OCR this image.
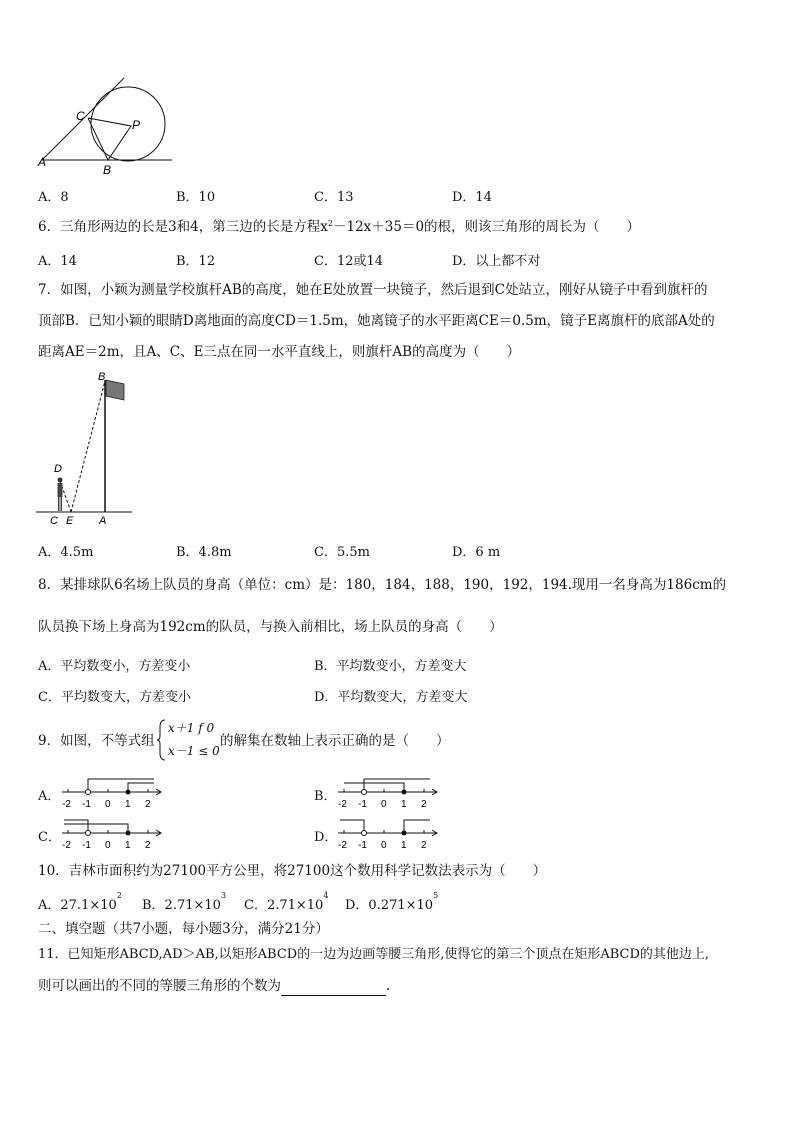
C
P
A
B
A．8	B．10	C．13	D．14
6．三角形两边的长是3和4，第三边的长是方程$x^2-12x+35=0$的根，则该三角形的周长为（　　）
A．14	B．12	C．12或14	D．以上都不对
7．如图，小颖为测量学校旗杆AB的高度，她在E处放置一块镜子，然后退到C处站立，刚好从镜子中看到旗杆的
顶部B．已知小颖的眼睛D离地面的高度CD＝1.5m，她离镜子的水平距离CE＝0.5m，镜子E离旗杆的底部A处的
距离AE＝2m，且A、C、E三点在同一水平直线上，则旗杆AB的高度为（　　）
B
D
C E A
A．4.5m	B．4.8m	C．5.5m	D．6 m
8．某排球队6名场上队员的身高（单位：cm）是：180，184，188，190，192，194.现用一名身高为186cm的
队员换下场上身高为192cm的队员，与换入前相比，场上队员的身高（　　）
A．平均数变小，方差变小	B．平均数变小，方差变大
C．平均数变大，方差变小	D．平均数变大，方差变大
9．如图，不等式组
x＋1 f 0
x－1 ≤ 0
的解集在数轴上表示正确的是（　　）
A．
-2 -1 0 1 2
B．
-2 -1 0 1 2
C．
-2 -1 0 1 2
D．
-2 -1 0 1 2
10．吉林市面积约为27100平方公里，将27100这个数用科学记数法表示为（　　）
A．$27.1\times 10^2$
B．$2.71\times 10^3$
C．$2.71\times 10^4$
D．$0.271\times 10^5$
二、填空题（共7小题，每小题3分，满分21分）
11．已知矩形ABCD,AD＞AB,以矩形ABCD的一边为边画等腰三角形,使得它的第三个顶点在矩形ABCD的其他边上,
则可以画出的不同的等腰三角形的个数为	.
